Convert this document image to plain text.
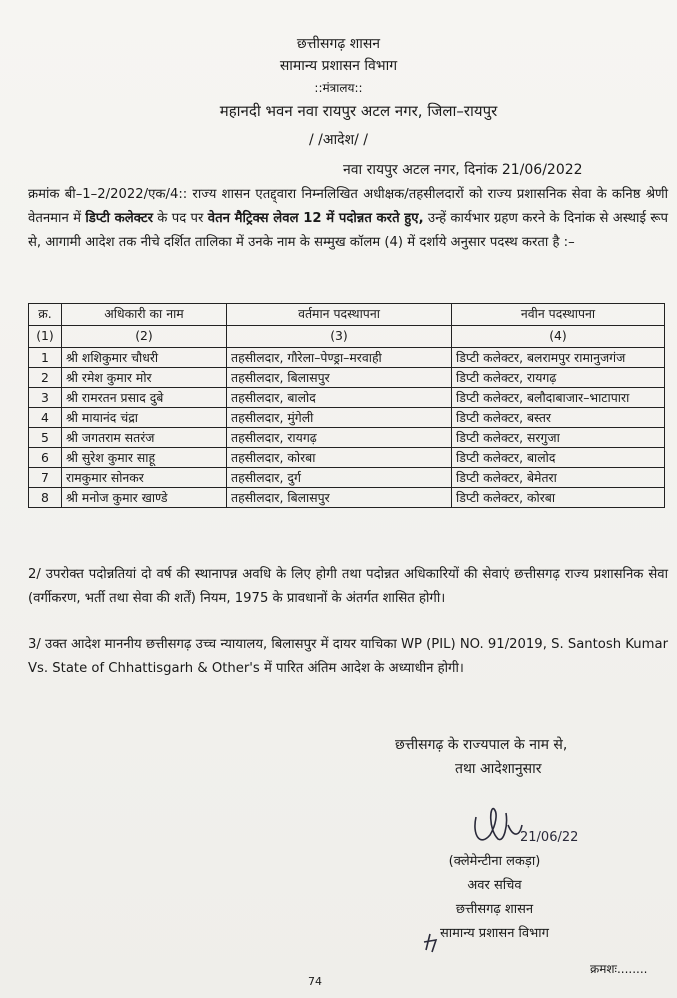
छत्तीसगढ़ शासन
सामान्य प्रशासन विभाग
::मंत्रालय::
महानदी भवन नवा रायपुर अटल नगर, जिला–रायपुर
/ /आदेश/ /
नवा रायपुर अटल नगर, दिनांक 21/06/2022
क्रमांक बी–1–2/2022/एक/4:: राज्य शासन एतद्द्वारा निम्नलिखित अधीक्षक/तहसीलदारों को राज्य प्रशासनिक सेवा के कनिष्ठ श्रेणी वेतनमान में डिप्टी कलेक्टर के पद पर वेतन मैट्रिक्स लेवल 12 में पदोन्नत करते हुए, उन्हें कार्यभार ग्रहण करने के दिनांक से अस्थाई रूप से, आगामी आदेश तक नीचे दर्शित तालिका में उनके नाम के सम्मुख कॉलम (4) में दर्शाये अनुसार पदस्थ करता है :–
क्र.	अधिकारी का नाम	वर्तमान पदस्थापना	नवीन पदस्थापना
(1)	(2)	(3)	(4)
1	श्री शशिकुमार चौधरी	तहसीलदार, गौरेला–पेण्ड्रा–मरवाही	डिप्टी कलेक्टर, बलरामपुर रामानुजगंज
2	श्री रमेश कुमार मोर	तहसीलदार, बिलासपुर	डिप्टी कलेक्टर, रायगढ़
3	श्री रामरतन प्रसाद दुबे	तहसीलदार, बालोद	डिप्टी कलेक्टर, बलौदाबाजार–भाटापारा
4	श्री मायानंद चंद्रा	तहसीलदार, मुंगेली	डिप्टी कलेक्टर, बस्तर
5	श्री जगतराम सतरंज	तहसीलदार, रायगढ़	डिप्टी कलेक्टर, सरगुजा
6	श्री सुरेश कुमार साहू	तहसीलदार, कोरबा	डिप्टी कलेक्टर, बालोद
7	रामकुमार सोनकर	तहसीलदार, दुर्ग	डिप्टी कलेक्टर, बेमेतरा
8	श्री मनोज कुमार खाण्डे	तहसीलदार, बिलासपुर	डिप्टी कलेक्टर, कोरबा
2/ उपरोक्त पदोन्नतियां दो वर्ष की स्थानापन्न अवधि के लिए होगी तथा पदोन्नत अधिकारियों की सेवाएं छत्तीसगढ़ राज्य प्रशासनिक सेवा (वर्गीकरण, भर्ती तथा सेवा की शर्तें) नियम, 1975 के प्रावधानों के अंतर्गत शासित होगी।
3/ उक्त आदेश माननीय छत्तीसगढ़ उच्च न्यायालय, बिलासपुर में दायर याचिका WP (PIL) NO. 91/2019, S. Santosh Kumar Vs. State of Chhattisgarh & Other's में पारित अंतिम आदेश के अध्याधीन होगी।
छत्तीसगढ़ के राज्यपाल के नाम से,
तथा आदेशानुसार
21/06/22
(क्लेमेन्टीना लकड़ा)
अवर सचिव
छत्तीसगढ़ शासन
सामान्य प्रशासन विभाग
क्रमशः........
74
